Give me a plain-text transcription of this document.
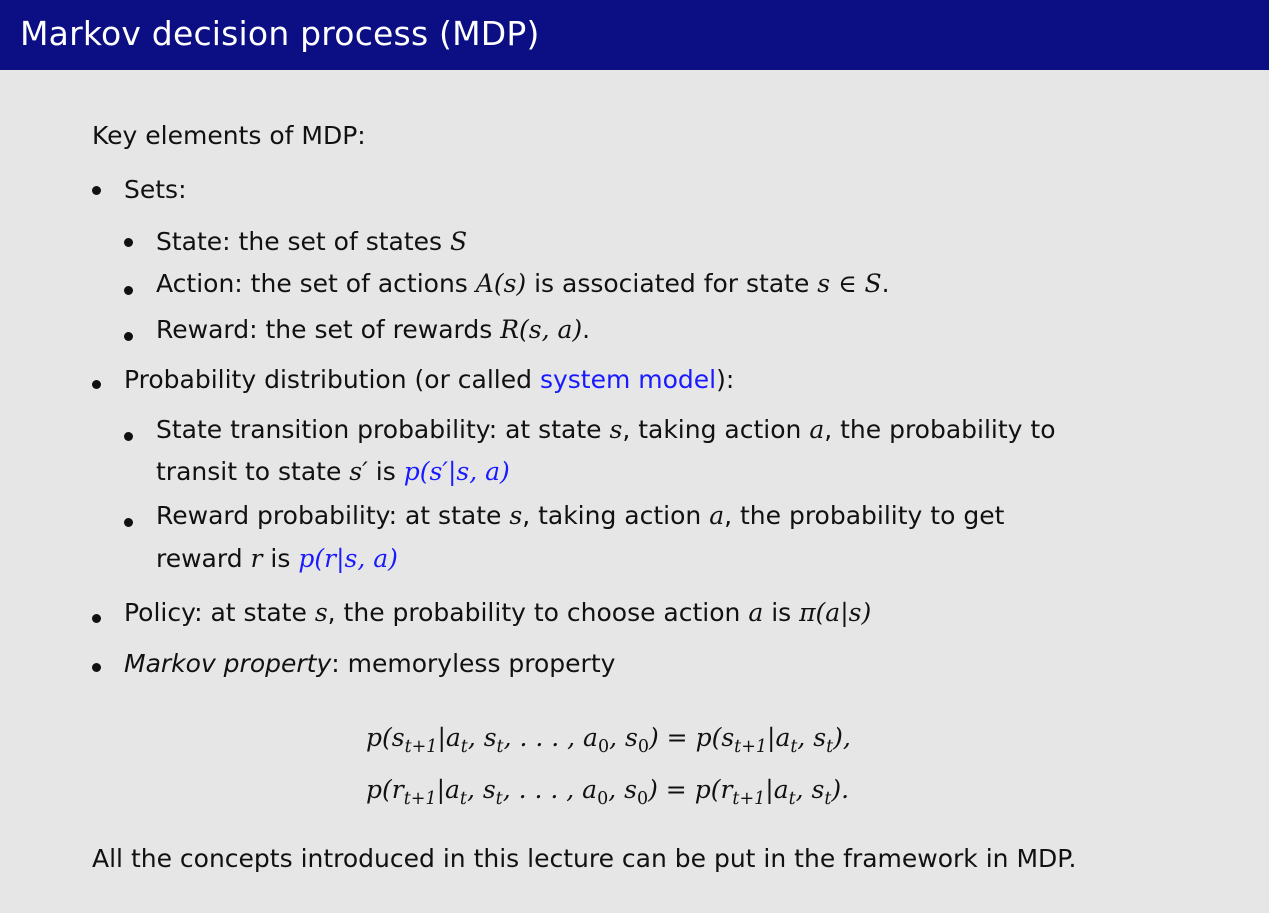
Markov decision process (MDP)
Key elements of MDP:
Sets:
State: the set of states S
Action: the set of actions A(s) is associated for state s ∈ S.
Reward: the set of rewards R(s, a).
Probability distribution (or called system model):
State transition probability: at state s, taking action a, the probability to
transit to state s′ is p(s′|s, a)
Reward probability: at state s, taking action a, the probability to get
reward r is p(r|s, a)
Policy: at state s, the probability to choose action a is π(a|s)
Markov property: memoryless property
$p(s_{t+1}|a_t$, $s_t$, . . . , $a_0$, $s_0) = p(s_{t+1}|a_t$, $s_t$),
$p(r_{t+1}|a_t$, $s_t$, . . . , $a_0$, $s_0) = p(r_{t+1}|a_t$, $s_t$).
All the concepts introduced in this lecture can be put in the framework in MDP.
